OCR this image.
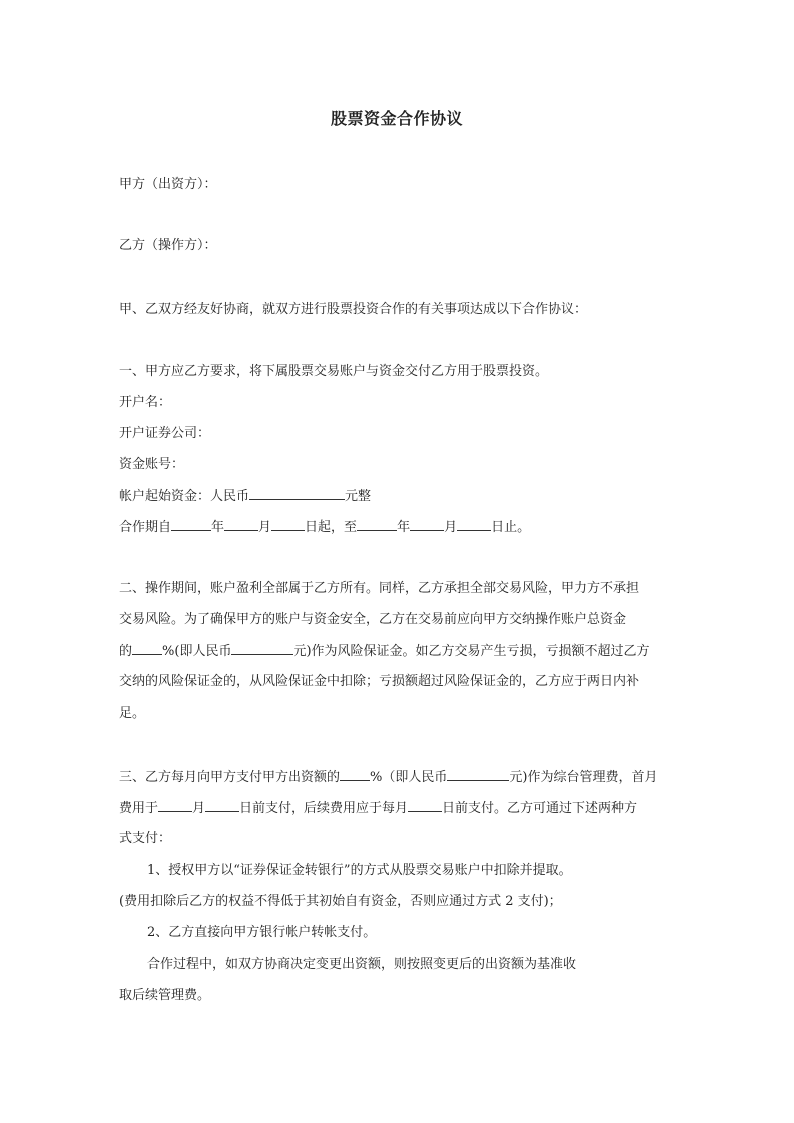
股票资金合作协议
甲方（出资方）：
乙方（操作方）：
甲、乙双方经友好协商，就双方进行股票投资合作的有关事项达成以下合作协议：
一、甲方应乙方要求，将下属股票交易账户与资金交付乙方用于股票投资。
开户名：
开户证券公司：
资金账号：
帐户起始资金：人民币	元整
合作期自	年	月	日起，至	年	月	日止。
二、操作期间，账户盈利全部属于乙方所有。同样，乙方承担全部交易风险，甲力方不承担
交易风险。为了确保甲方的账户与资金安全，乙方在交易前应向甲方交纳操作账户总资金
的 %(即人民币	元)作为风险保证金。如乙方交易产生亏损，亏损额不超过乙方
交纳的风险保证金的，从风险保证金中扣除；亏损额超过风险保证金的，乙方应于两日内补
足。
三、乙方每月向甲方支付甲方出资额的 %（即人民币	元)作为综台管理费，首月
费用于	月	日前支付，后续费用应于每月	日前支付。乙方可通过下述两种方
式支付：
1、授权甲方以“证券保证金转银行”的方式从股票交易账户中扣除并提取。
(费用扣除后乙方的权益不得低于其初始自有资金，否则应通过方式 2 支付)；
2、乙方直接向甲方银行帐户转帐支付。
合作过程中，如双方协商决定变更出资额，则按照变更后的出资额为基准收
取后续管理费。
